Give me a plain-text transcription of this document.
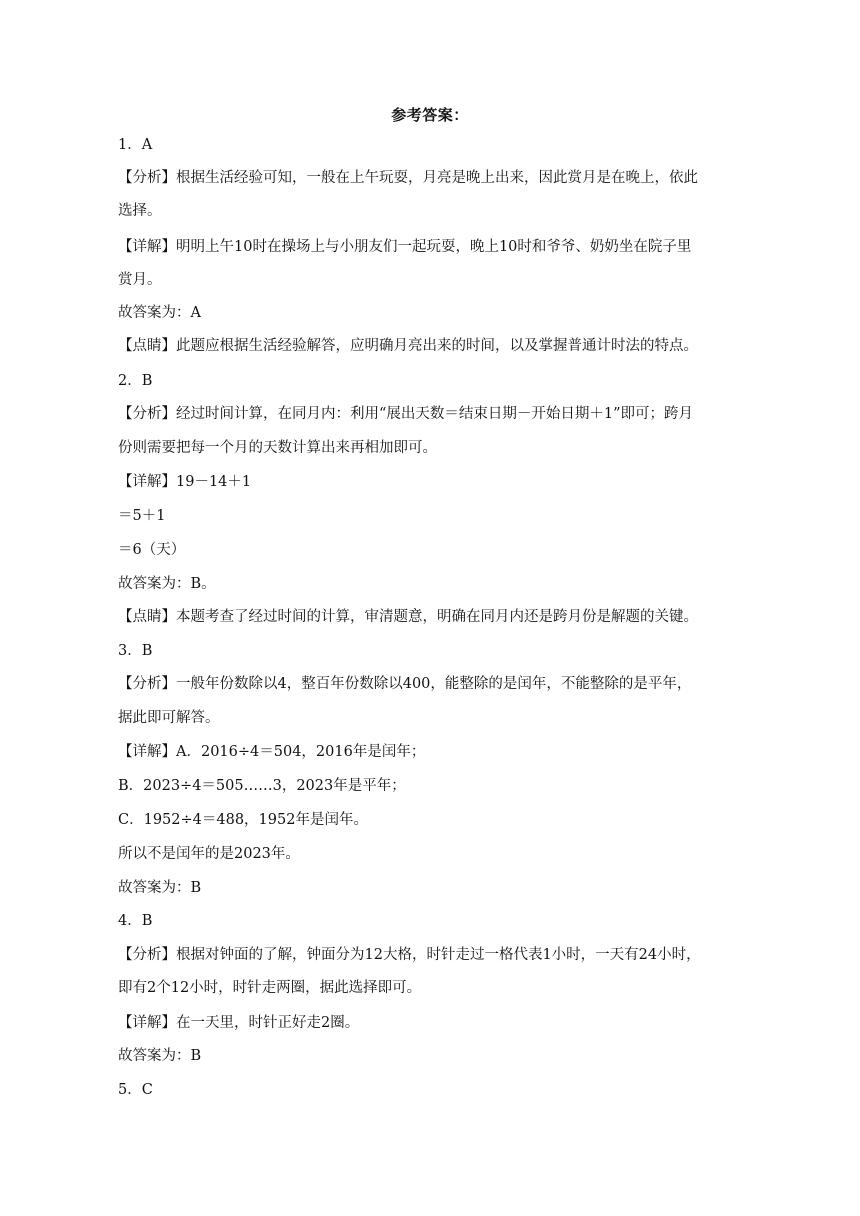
参考答案：
1．A
【分析】根据生活经验可知，一般在上午玩耍，月亮是晚上出来，因此赏月是在晚上，依此
选择。
【详解】明明上午10时在操场上与小朋友们一起玩耍，晚上10时和爷爷、奶奶坐在院子里
赏月。
故答案为：A
【点睛】此题应根据生活经验解答，应明确月亮出来的时间，以及掌握普通计时法的特点。
2．B
【分析】经过时间计算，在同月内：利用“展出天数＝结束日期－开始日期＋1”即可；跨月
份则需要把每一个月的天数计算出来再相加即可。
【详解】19－14＋1
＝5＋1
＝6（天）
故答案为：B。
【点睛】本题考查了经过时间的计算，审清题意，明确在同月内还是跨月份是解题的关键。
3．B
【分析】一般年份数除以4，整百年份数除以400，能整除的是闰年，不能整除的是平年，
据此即可解答。
【详解】A．2016÷4＝504，2016年是闰年；
B．2023÷4＝505……3，2023年是平年；
C．1952÷4＝488，1952年是闰年。
所以不是闰年的是2023年。
故答案为：B
4．B
【分析】根据对钟面的了解，钟面分为12大格，时针走过一格代表1小时，一天有24小时，
即有2个12小时，时针走两圈，据此选择即可。
【详解】在一天里，时针正好走2圈。
故答案为：B
5．C
